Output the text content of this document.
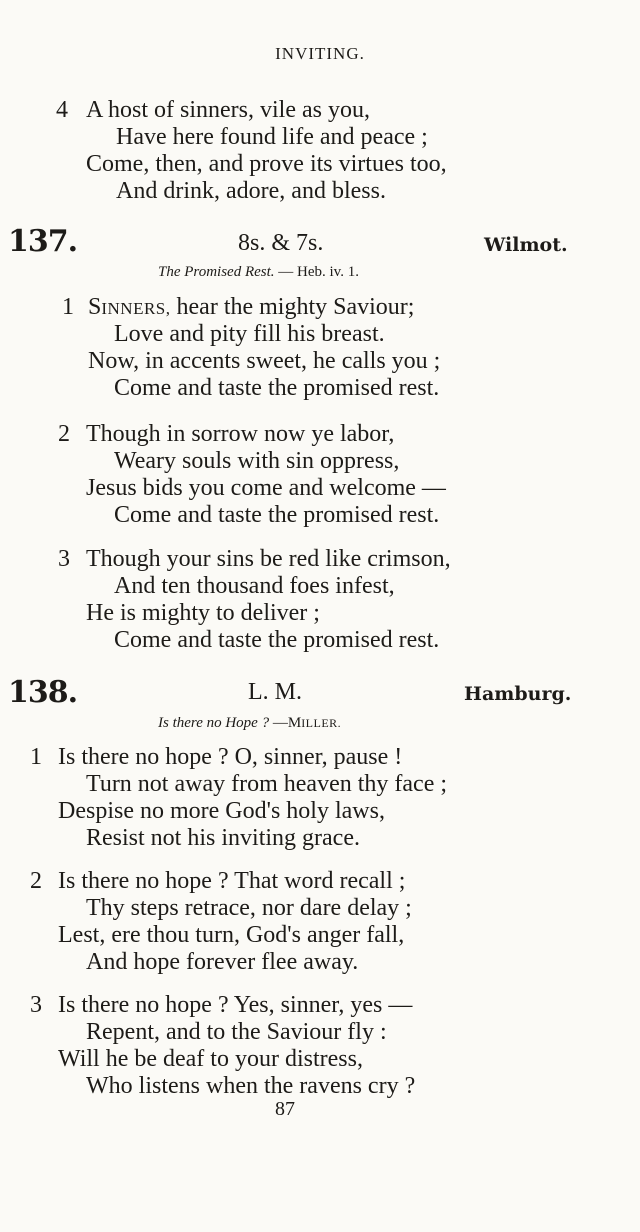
INVITING.
4 A host of sinners, vile as you,
Have here found life and peace ;
Come, then, and prove its virtues too,
And drink, adore, and bless.
137.	8s. & 7s.	Wilmot.
The Promised Rest. — Heb. iv. 1.
1 SINNERS, hear the mighty Saviour;
Love and pity fill his breast.
Now, in accents sweet, he calls you ;
Come and taste the promised rest.
2 Though in sorrow now ye labor,
Weary souls with sin oppress,
Jesus bids you come and welcome —
Come and taste the promised rest.
3 Though your sins be red like crimson,
And ten thousand foes infest,
He is mighty to deliver ;
Come and taste the promised rest.
138.	L. M.	Hamburg.
Is there no Hope ? —MILLER.
1 Is there no hope ? O, sinner, pause !
Turn not away from heaven thy face ;
Despise no more God's holy laws,
Resist not his inviting grace.
2 Is there no hope ? That word recall ;
Thy steps retrace, nor dare delay ;
Lest, ere thou turn, God's anger fall,
And hope forever flee away.
3 Is there no hope ? Yes, sinner, yes —
Repent, and to the Saviour fly :
Will he be deaf to your distress,
Who listens when the ravens cry ?
87
